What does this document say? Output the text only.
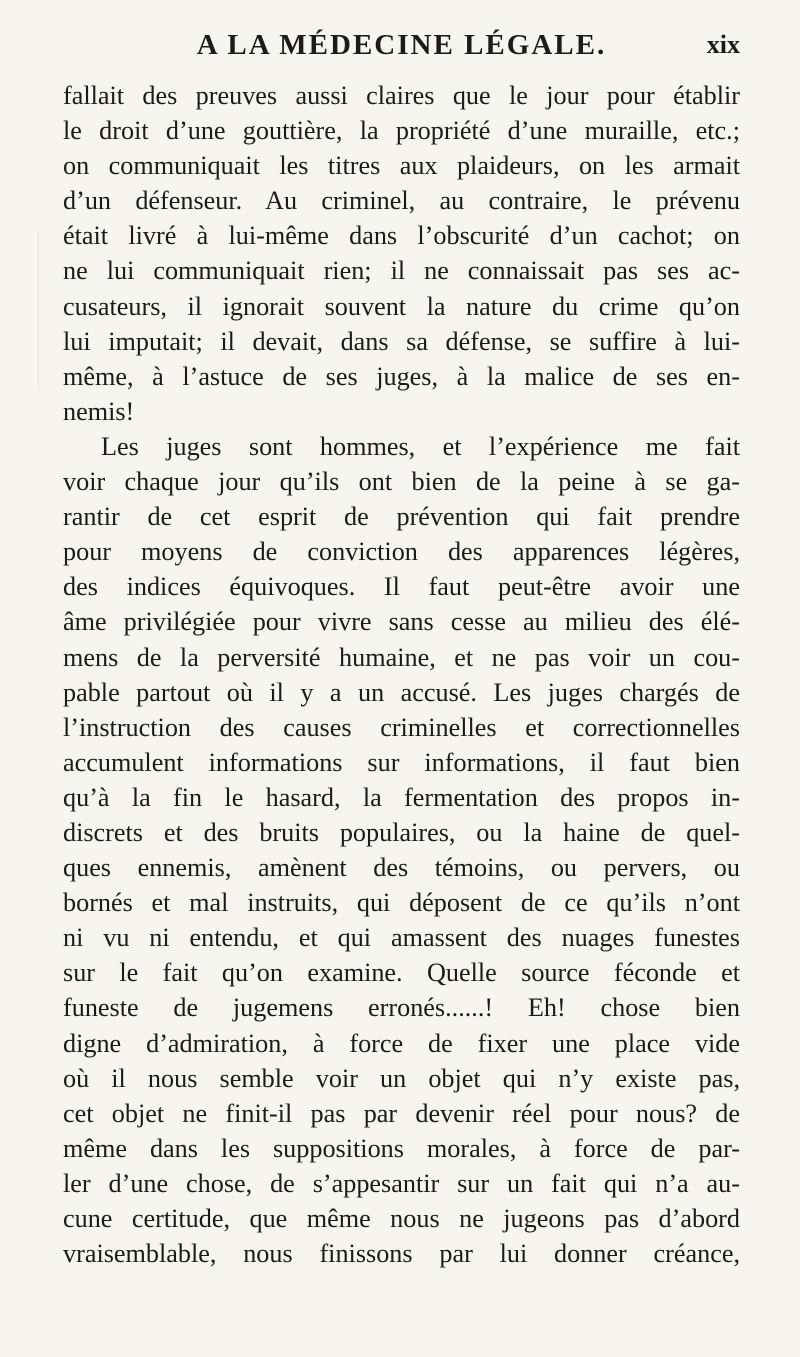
A LA MÉDECINE LÉGALE.	xix
fallait des preuves aussi claires que le jour pour établir
le droit d’une gouttière, la propriété d’une muraille, etc.;
on communiquait les titres aux plaideurs, on les armait
d’un défenseur. Au criminel, au contraire, le prévenu
était livré à lui-même dans l’obscurité d’un cachot; on
ne lui communiquait rien; il ne connaissait pas ses ac-
cusateurs, il ignorait souvent la nature du crime qu’on
lui imputait; il devait, dans sa défense, se suffire à lui-
même, à l’astuce de ses juges, à la malice de ses en-
nemis!
Les juges sont hommes, et l’expérience me fait
voir chaque jour qu’ils ont bien de la peine à se ga-
rantir de cet esprit de prévention qui fait prendre
pour moyens de conviction des apparences légères,
des indices équivoques. Il faut peut-être avoir une
âme privilégiée pour vivre sans cesse au milieu des élé-
mens de la perversité humaine, et ne pas voir un cou-
pable partout où il y a un accusé. Les juges chargés de
l’instruction des causes criminelles et correctionnelles
accumulent informations sur informations, il faut bien
qu’à la fin le hasard, la fermentation des propos in-
discrets et des bruits populaires, ou la haine de quel-
ques ennemis, amènent des témoins, ou pervers, ou
bornés et mal instruits, qui déposent de ce qu’ils n’ont
ni vu ni entendu, et qui amassent des nuages funestes
sur le fait qu’on examine. Quelle source féconde et
funeste de jugemens erronés......! Eh! chose bien
digne d’admiration, à force de fixer une place vide
où il nous semble voir un objet qui n’y existe pas,
cet objet ne finit-il pas par devenir réel pour nous? de
même dans les suppositions morales, à force de par-
ler d’une chose, de s’appesantir sur un fait qui n’a au-
cune certitude, que même nous ne jugeons pas d’abord
vraisemblable, nous finissons par lui donner créance,
